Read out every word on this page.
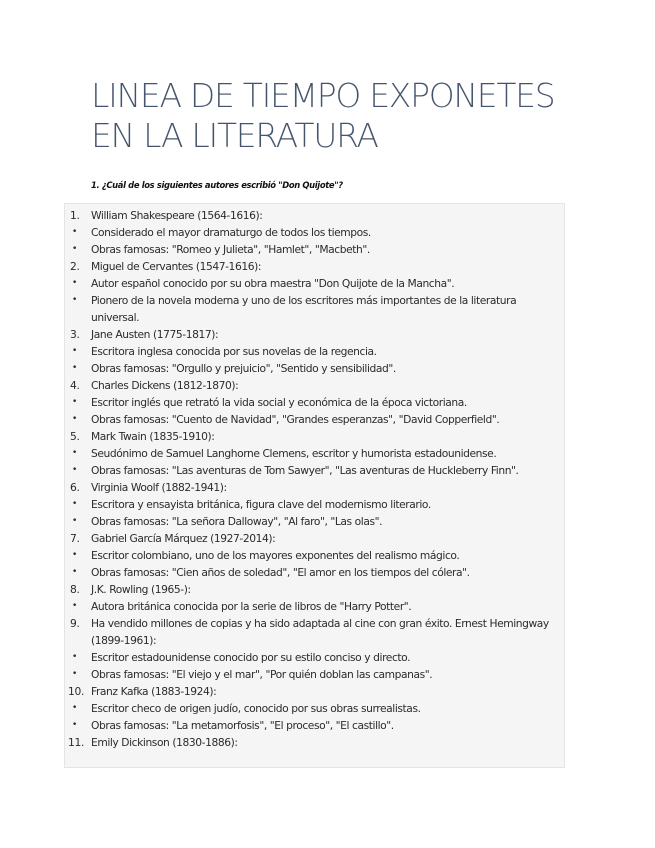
LINEA DE TIEMPO EXPONETES EN LA LITERATURA

1. ¿Cuál de los siguientes autores escribió "Don Quijote"?

1.	William Shakespeare (1564-1616):
•	Considerado el mayor dramaturgo de todos los tiempos.
•	Obras famosas: "Romeo y Julieta", "Hamlet", "Macbeth".
2.	Miguel de Cervantes (1547-1616):
•	Autor español conocido por su obra maestra "Don Quijote de la Mancha".
•	Pionero de la novela moderna y uno de los escritores más importantes de la literatura universal.
3.	Jane Austen (1775-1817):
•	Escritora inglesa conocida por sus novelas de la regencia.
•	Obras famosas: "Orgullo y prejuicio", "Sentido y sensibilidad".
4.	Charles Dickens (1812-1870):
•	Escritor inglés que retrató la vida social y económica de la época victoriana.
•	Obras famosas: "Cuento de Navidad", "Grandes esperanzas", "David Copperfield".
5.	Mark Twain (1835-1910):
•	Seudónimo de Samuel Langhorne Clemens, escritor y humorista estadounidense.
•	Obras famosas: "Las aventuras de Tom Sawyer", "Las aventuras de Huckleberry Finn".
6.	Virginia Woolf (1882-1941):
•	Escritora y ensayista británica, figura clave del modernismo literario.
•	Obras famosas: "La señora Dalloway", "Al faro", "Las olas".
7.	Gabriel García Márquez (1927-2014):
•	Escritor colombiano, uno de los mayores exponentes del realismo mágico.
•	Obras famosas: "Cien años de soledad", "El amor en los tiempos del cólera".
8.	J.K. Rowling (1965-):
•	Autora británica conocida por la serie de libros de "Harry Potter".
9.	Ha vendido millones de copias y ha sido adaptada al cine con gran éxito. Ernest Hemingway (1899-1961):
•	Escritor estadounidense conocido por su estilo conciso y directo.
•	Obras famosas: "El viejo y el mar", "Por quién doblan las campanas".
10. Franz Kafka (1883-1924):
•	Escritor checo de origen judío, conocido por sus obras surrealistas.
•	Obras famosas: "La metamorfosis", "El proceso", "El castillo".
11. Emily Dickinson (1830-1886):
